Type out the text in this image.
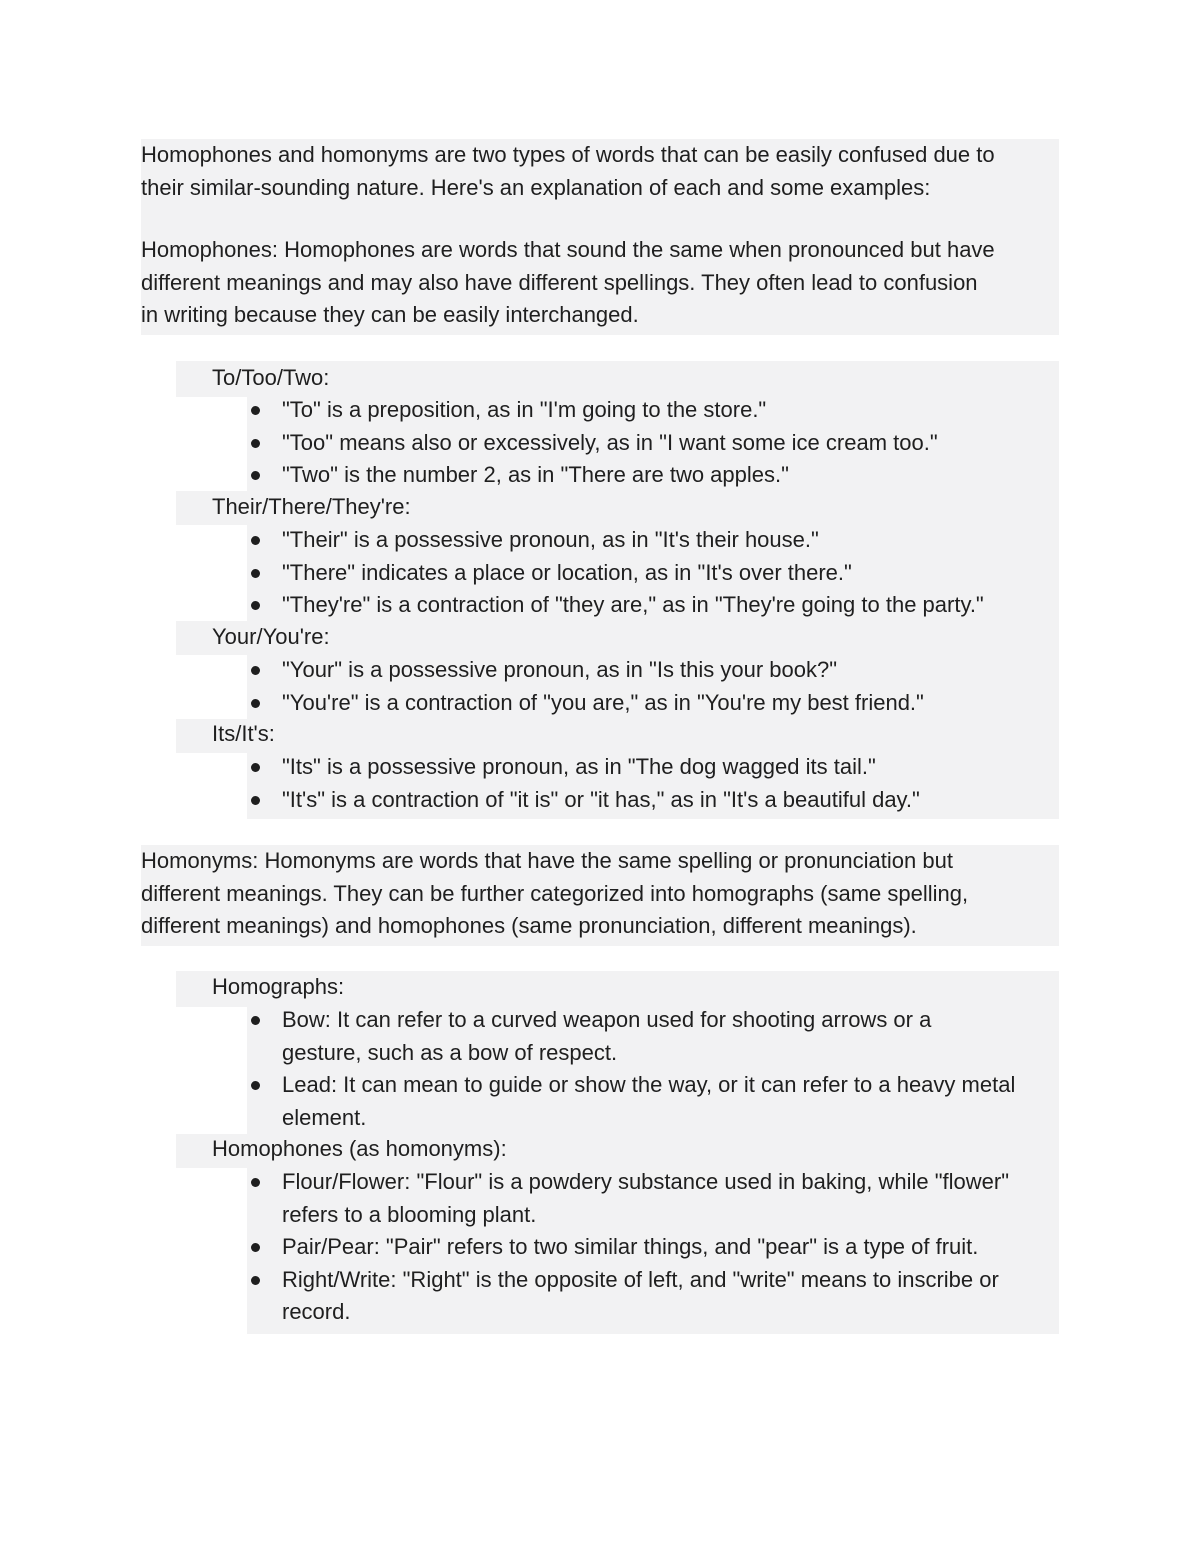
Homophones and homonyms are two types of words that can be easily confused due to
their similar-sounding nature. Here's an explanation of each and some examples:
Homophones: Homophones are words that sound the same when pronounced but have
different meanings and may also have different spellings. They often lead to confusion
in writing because they can be easily interchanged.
To/Too/Two:
"To" is a preposition, as in "I'm going to the store."
"Too" means also or excessively, as in "I want some ice cream too."
"Two" is the number 2, as in "There are two apples."
Their/There/They're:
"Their" is a possessive pronoun, as in "It's their house."
"There" indicates a place or location, as in "It's over there."
"They're" is a contraction of "they are," as in "They're going to the party."
Your/You're:
"Your" is a possessive pronoun, as in "Is this your book?"
"You're" is a contraction of "you are," as in "You're my best friend."
Its/It's:
"Its" is a possessive pronoun, as in "The dog wagged its tail."
"It's" is a contraction of "it is" or "it has," as in "It's a beautiful day."
Homonyms: Homonyms are words that have the same spelling or pronunciation but
different meanings. They can be further categorized into homographs (same spelling,
different meanings) and homophones (same pronunciation, different meanings).
Homographs:
Bow: It can refer to a curved weapon used for shooting arrows or a
gesture, such as a bow of respect.
Lead: It can mean to guide or show the way, or it can refer to a heavy metal
element.
Homophones (as homonyms):
Flour/Flower: "Flour" is a powdery substance used in baking, while "flower"
refers to a blooming plant.
Pair/Pear: "Pair" refers to two similar things, and "pear" is a type of fruit.
Right/Write: "Right" is the opposite of left, and "write" means to inscribe or
record.
